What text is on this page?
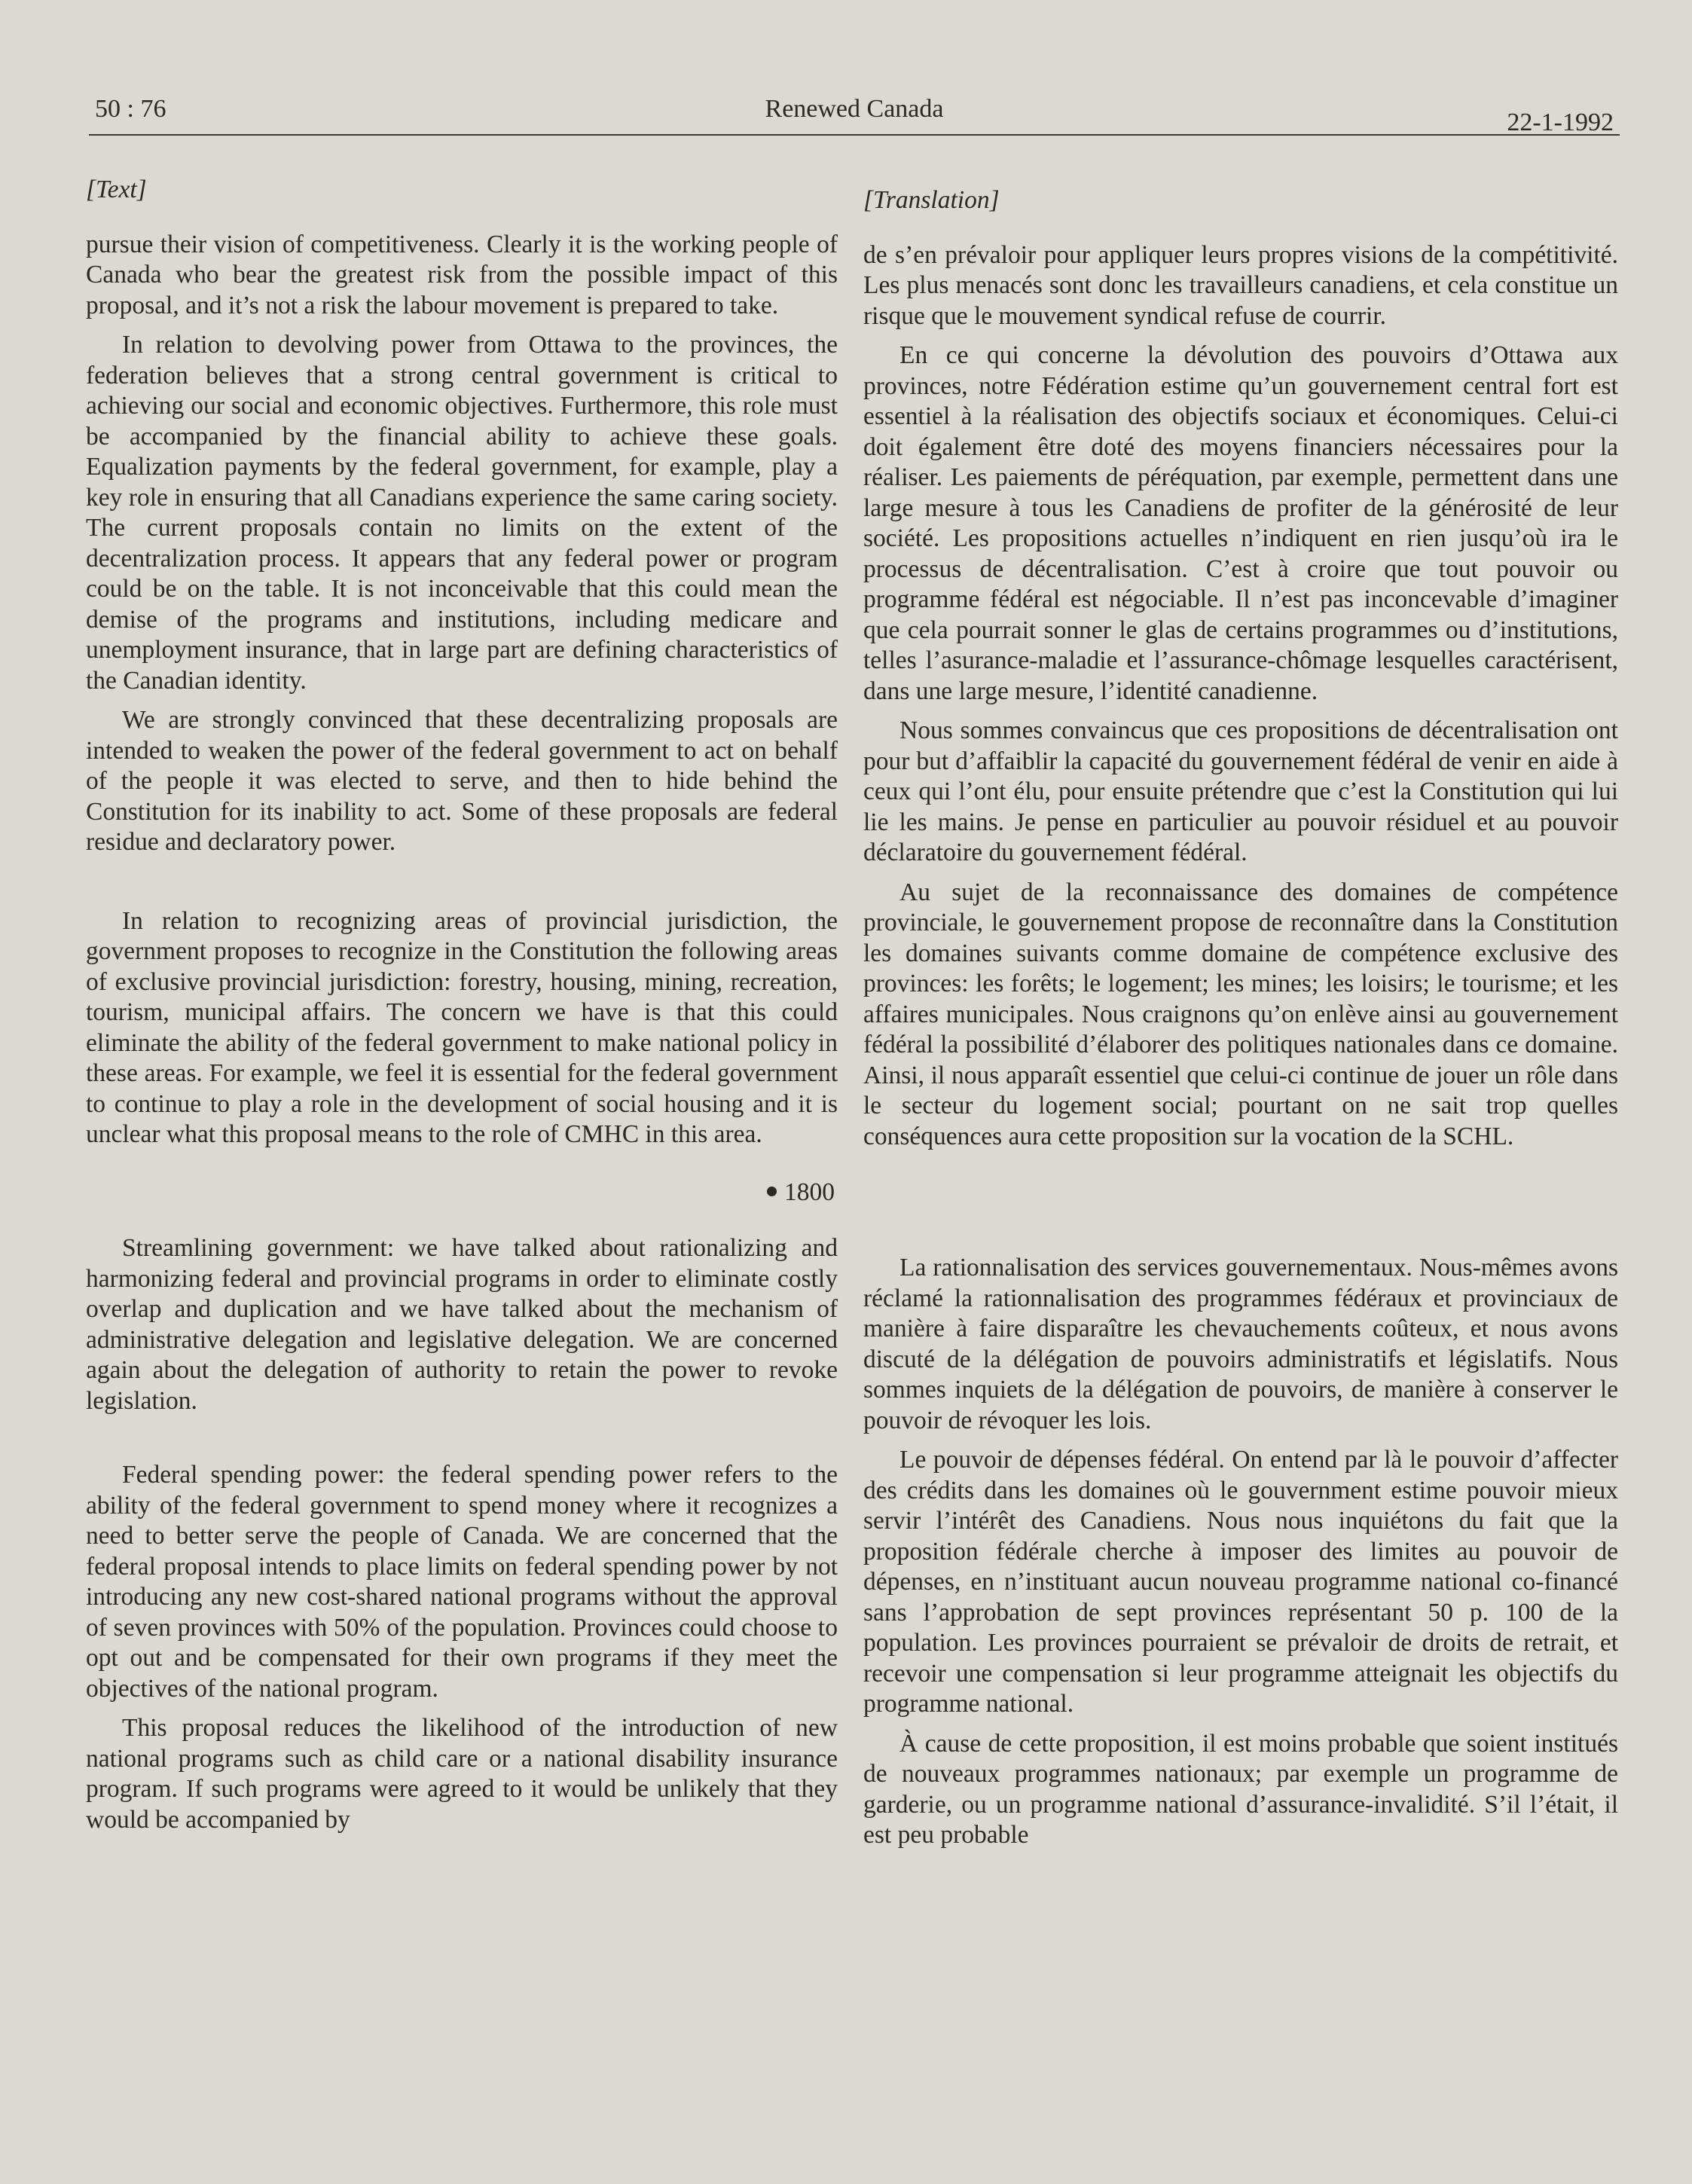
50 : 76	Renewed Canada	22-1-1992
[Text]

pursue their vision of competitiveness. Clearly it is the working people of Canada who bear the greatest risk from the possible impact of this proposal, and it’s not a risk the labour movement is prepared to take.

In relation to devolving power from Ottawa to the provinces, the federation believes that a strong central government is critical to achieving our social and economic objectives. Furthermore, this role must be accompanied by the financial ability to achieve these goals. Equalization payments by the federal government, for example, play a key role in ensuring that all Canadians experience the same caring society. The current proposals contain no limits on the extent of the decentralization process. It appears that any federal power or program could be on the table. It is not inconceivable that this could mean the demise of the programs and institutions, including medicare and unemployment insurance, that in large part are defining characteristics of the Canadian identity.

We are strongly convinced that these decentralizing proposals are intended to weaken the power of the federal government to act on behalf of the people it was elected to serve, and then to hide behind the Constitution for its inability to act. Some of these proposals are federal residue and declaratory power.

In relation to recognizing areas of provincial jurisdiction, the government proposes to recognize in the Constitution the following areas of exclusive provincial jurisdiction: forestry, housing, mining, recreation, tourism, municipal affairs. The concern we have is that this could eliminate the ability of the federal government to make national policy in these areas. For example, we feel it is essential for the federal government to continue to play a role in the development of social housing and it is unclear what this proposal means to the role of CMHC in this area.

1800

Streamlining government: we have talked about rationalizing and harmonizing federal and provincial programs in order to eliminate costly overlap and duplication and we have talked about the mechanism of administrative delegation and legislative delegation. We are concerned again about the delegation of authority to retain the power to revoke legislation.

Federal spending power: the federal spending power refers to the ability of the federal government to spend money where it recognizes a need to better serve the people of Canada. We are concerned that the federal proposal intends to place limits on federal spending power by not introducing any new cost-shared national programs without the approval of seven provinces with 50% of the population. Provinces could choose to opt out and be compensated for their own programs if they meet the objectives of the national program.

This proposal reduces the likelihood of the introduction of new national programs such as child care or a national disability insurance program. If such programs were agreed to it would be unlikely that they would be accompanied by

[Translation]

de s’en prévaloir pour appliquer leurs propres visions de la compétitivité. Les plus menacés sont donc les travailleurs canadiens, et cela constitue un risque que le mouvement syndical refuse de courrir.

En ce qui concerne la dévolution des pouvoirs d’Ottawa aux provinces, notre Fédération estime qu’un gouvernement central fort est essentiel à la réalisation des objectifs sociaux et économiques. Celui-ci doit également être doté des moyens financiers nécessaires pour la réaliser. Les paiements de péréquation, par exemple, permettent dans une large mesure à tous les Canadiens de profiter de la générosité de leur société. Les propositions actuelles n’indiquent en rien jusqu’où ira le processus de décentralisation. C’est à croire que tout pouvoir ou programme fédéral est négociable. Il n’est pas inconcevable d’imaginer que cela pourrait sonner le glas de certains programmes ou d’institutions, telles l’asurance-maladie et l’assurance-chômage lesquelles caractérisent, dans une large mesure, l’identité canadienne.

Nous sommes convaincus que ces propositions de décentralisation ont pour but d’affaiblir la capacité du gouvernement fédéral de venir en aide à ceux qui l’ont élu, pour ensuite prétendre que c’est la Constitution qui lui lie les mains. Je pense en particulier au pouvoir résiduel et au pouvoir déclaratoire du gouvernement fédéral.

Au sujet de la reconnaissance des domaines de compétence provinciale, le gouvernement propose de reconnaître dans la Constitution les domaines suivants comme domaine de compétence exclusive des provinces: les forêts; le logement; les mines; les loisirs; le tourisme; et les affaires municipales. Nous craignons qu’on enlève ainsi au gouvernement fédéral la possibilité d’élaborer des politiques nationales dans ce domaine. Ainsi, il nous apparaît essentiel que celui-ci continue de jouer un rôle dans le secteur du logement social; pourtant on ne sait trop quelles conséquences aura cette proposition sur la vocation de la SCHL.

La rationnalisation des services gouvernementaux. Nous-mêmes avons réclamé la rationnalisation des programmes fédéraux et provinciaux de manière à faire disparaître les chevauchements coûteux, et nous avons discuté de la délégation de pouvoirs administratifs et législatifs. Nous sommes inquiets de la délégation de pouvoirs, de manière à conserver le pouvoir de révoquer les lois.

Le pouvoir de dépenses fédéral. On entend par là le pouvoir d’affecter des crédits dans les domaines où le gouvernment estime pouvoir mieux servir l’intérêt des Canadiens. Nous nous inquiétons du fait que la proposition fédérale cherche à imposer des limites au pouvoir de dépenses, en n’instituant aucun nouveau programme national co-financé sans l’approbation de sept provinces représentant 50 p. 100 de la population. Les provinces pourraient se prévaloir de droits de retrait, et recevoir une compensation si leur programme atteignait les objectifs du programme national.

À cause de cette proposition, il est moins probable que soient institués de nouveaux programmes nationaux; par exemple un programme de garderie, ou un programme national d’assurance-invalidité. S’il l’était, il est peu probable
